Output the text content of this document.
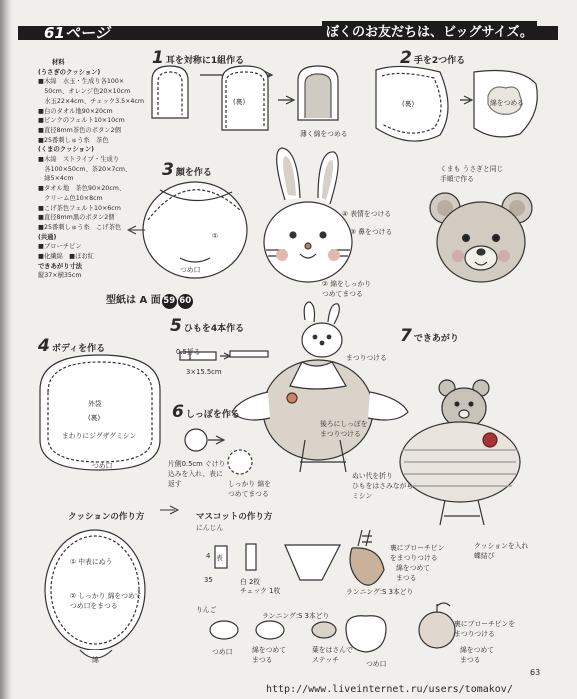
61ページ	ぼくのお友だちは、ビッグサイズ。
材料
(うさぎのクッション)
■木綿　水玉・生成り各100×
　50cm、オレンジ色20×10cm
　水玉22×4cm、チェック3.5×4cm
■白のタオル地90×20cm
■ピンクのフェルト10×10cm
■直径8mm茶色のボタン2個
■25番刺しゅう糸　茶色
(くまのクッション)
■木綿　ストライプ・生成り
　各100×50cm、茶20×7cm、
　緑5×4cm
■タオル地　茶色90×20cm、
　クリーム色10×8cm
■こげ茶色フェルト10×6cm
■直径8mm黒のボタン2個
■25番刺しゅう糸　こげ茶色
(共通)
■ブローチピン
■化繊綿　■ほお紅
できあがり寸法
縦37×横35cm
1 耳を対称に1組作る	2 手を2つ作る
3 顔を作る
4 ボディを作る
5 ひもを4本作る
6 しっぽを作る
7 できあがり
型紙は A 面 59 60
(裏)
薄く綿をつめる
(裏)	綿をつめる
くまも うさぎと同じ
手順で作る
④ 表情をつける
③ 鼻をつける
② 綿をしっかり
つめてまつる
①
つめ口
外袋
(裏)
まわりにジグザグミシン
つめ口
0.5折る
3×15.5cm
片側0.5cm ぐけり
込みを入れ、表に
返す	しっかり 綿を
つめてまつる
まつりつける
後ろにしっぽを
まつりつける
ぬい代を折り
ひもをはさみながら
ミシン
クッションを入れ
蝶結び
クッションの作り方
① 中表にぬう
② しっかり 綿をつめて
つめ口をまつる
綿
マスコットの作り方
にんじん
4
35
表
白 2枚
チェック 1枚
裏にブローチピン
をまつりつける
綿をつめて
まつる
ランニング:S 3本どり
りんご
ランニング:S 3本どり
つめ口	綿をつめて
まつる
葉をはさんで
ステッチ	つめ口
裏にブローチピンを
まつりつける
綿をつめて
まつる
63
http://www.liveinternet.ru/users/tomakov/
